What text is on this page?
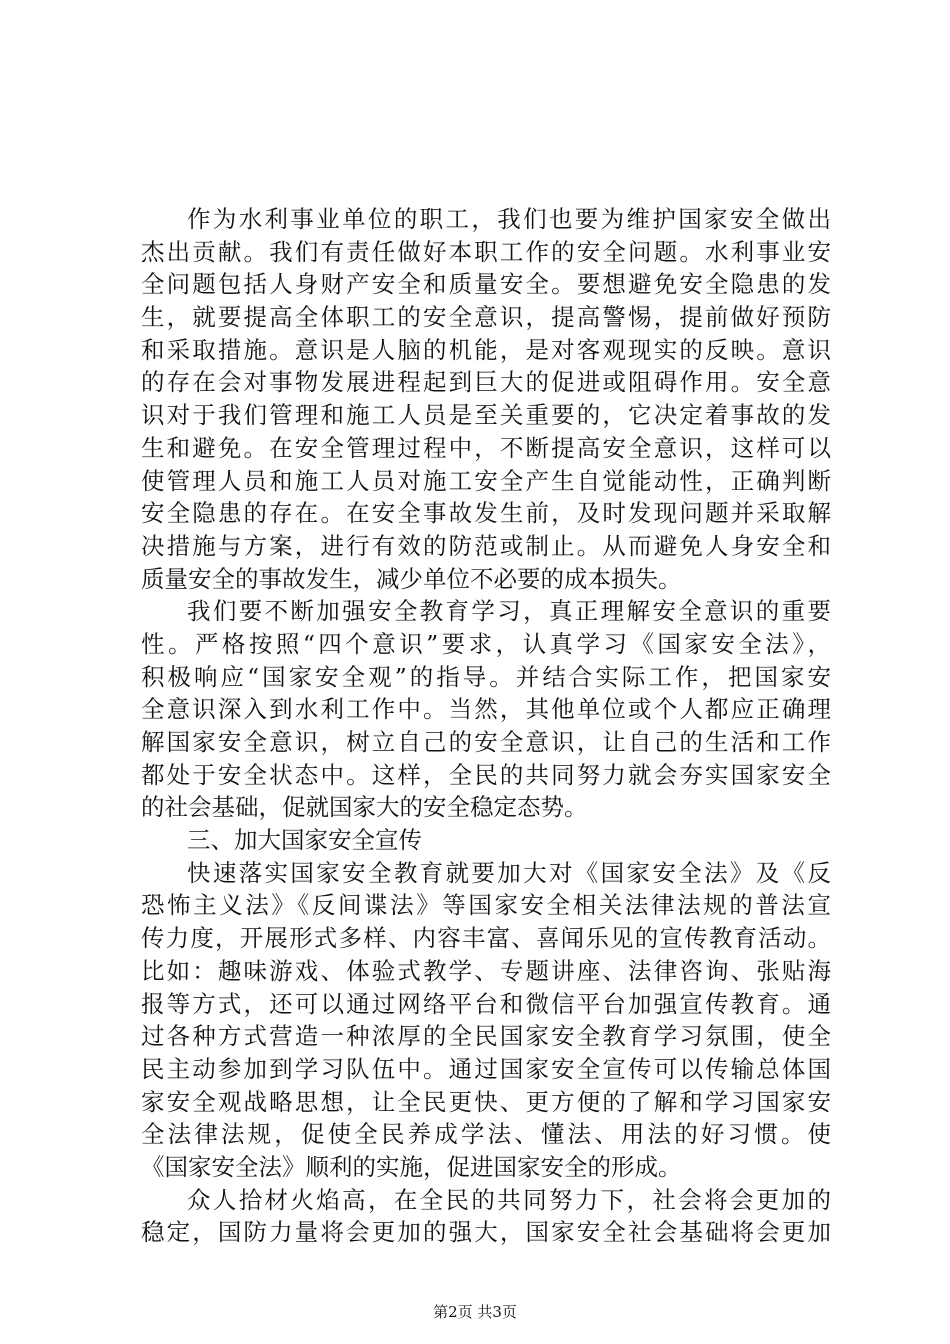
作为水利事业单位的职工，我们也要为维护国家安全做出
杰出贡献。我们有责任做好本职工作的安全问题。水利事业安
全问题包括人身财产安全和质量安全。要想避免安全隐患的发
生，就要提高全体职工的安全意识，提高警惕，提前做好预防
和采取措施。意识是人脑的机能，是对客观现实的反映。意识
的存在会对事物发展进程起到巨大的促进或阻碍作用。安全意
识对于我们管理和施工人员是至关重要的，它决定着事故的发
生和避免。在安全管理过程中，不断提高安全意识，这样可以
使管理人员和施工人员对施工安全产生自觉能动性，正确判断
安全隐患的存在。在安全事故发生前，及时发现问题并采取解
决措施与方案，进行有效的防范或制止。从而避免人身安全和
质量安全的事故发生，减少单位不必要的成本损失。
我们要不断加强安全教育学习，真正理解安全意识的重要
性。严格按照“四个意识”要求，认真学习《国家安全法》，
积极响应“国家安全观”的指导。并结合实际工作，把国家安
全意识深入到水利工作中。当然，其他单位或个人都应正确理
解国家安全意识，树立自己的安全意识，让自己的生活和工作
都处于安全状态中。这样，全民的共同努力就会夯实国家安全
的社会基础，促就国家大的安全稳定态势。
三、加大国家安全宣传
快速落实国家安全教育就要加大对《国家安全法》及《反
恐怖主义法》《反间谍法》等国家安全相关法律法规的普法宣
传力度，开展形式多样、内容丰富、喜闻乐见的宣传教育活动。
比如：趣味游戏、体验式教学、专题讲座、法律咨询、张贴海
报等方式，还可以通过网络平台和微信平台加强宣传教育。通
过各种方式营造一种浓厚的全民国家安全教育学习氛围，使全
民主动参加到学习队伍中。通过国家安全宣传可以传输总体国
家安全观战略思想，让全民更快、更方便的了解和学习国家安
全法律法规，促使全民养成学法、懂法、用法的好习惯。使
《国家安全法》顺利的实施，促进国家安全的形成。
众人拾材火焰高，在全民的共同努力下，社会将会更加的
稳定，国防力量将会更加的强大，国家安全社会基础将会更加
第2页 共3页
